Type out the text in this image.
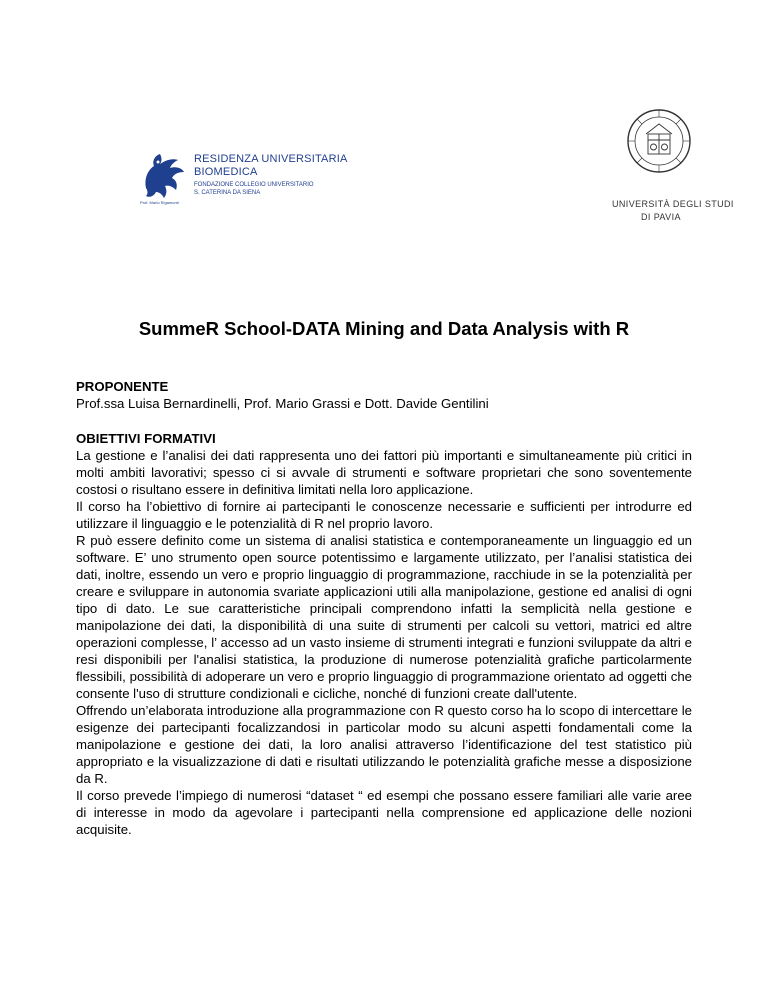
Prof. Mario Rigamonti
RESIDENZA UNIVERSITARIA
BIOMEDICA
FONDAZIONE COLLEGIO UNIVERSITARIO
S. CATERINA DA SIENA
UNIVERSITÀ DEGLI STUDI
DI PAVIA
SummeR School-DATA Mining and Data Analysis with R
PROPONENTE
Prof.ssa Luisa Bernardinelli, Prof. Mario Grassi e Dott. Davide Gentilini
OBIETTIVI FORMATIVI

La gestione e l’analisi dei dati rappresenta uno dei fattori più importanti e simultaneamente più critici in molti ambiti lavorativi; spesso ci si avvale di strumenti e software proprietari che sono soventemente costosi o risultano essere in definitiva limitati nella loro applicazione.

Il corso ha l’obiettivo di fornire ai partecipanti le conoscenze necessarie e sufficienti per introdurre ed utilizzare il linguaggio e le potenzialità di R nel proprio lavoro.

R può essere definito come un sistema di analisi statistica e contemporaneamente un linguaggio ed un software. E’ uno strumento open source potentissimo e largamente utilizzato, per l’analisi statistica dei dati, inoltre, essendo un vero e proprio linguaggio di programmazione, racchiude in se la potenzialità per creare e sviluppare in autonomia svariate applicazioni utili alla manipolazione, gestione ed analisi di ogni tipo di dato. Le sue caratteristiche principali comprendono infatti la semplicità nella gestione e manipolazione dei dati, la disponibilità di una suite di strumenti per calcoli su vettori, matrici ed altre operazioni complesse, l’ accesso ad un vasto insieme di strumenti integrati e funzioni sviluppate da altri e resi disponibili per l'analisi statistica, la produzione di numerose potenzialità grafiche particolarmente flessibili, possibilità di adoperare un vero e proprio linguaggio di programmazione orientato ad oggetti che consente l'uso di strutture condizionali e cicliche, nonché di funzioni create dall'utente.

Offrendo un’elaborata introduzione alla programmazione con R questo corso ha lo scopo di intercettare le esigenze dei partecipanti focalizzandosi in particolar modo su alcuni aspetti fondamentali come la manipolazione e gestione dei dati, la loro analisi attraverso l’identificazione del test statistico più appropriato e la visualizzazione di dati e risultati utilizzando le potenzialità grafiche messe a disposizione da R.

Il corso prevede l’impiego di numerosi “dataset “ ed esempi che possano essere familiari alle varie aree di interesse in modo da agevolare i partecipanti nella comprensione ed applicazione delle nozioni acquisite.
